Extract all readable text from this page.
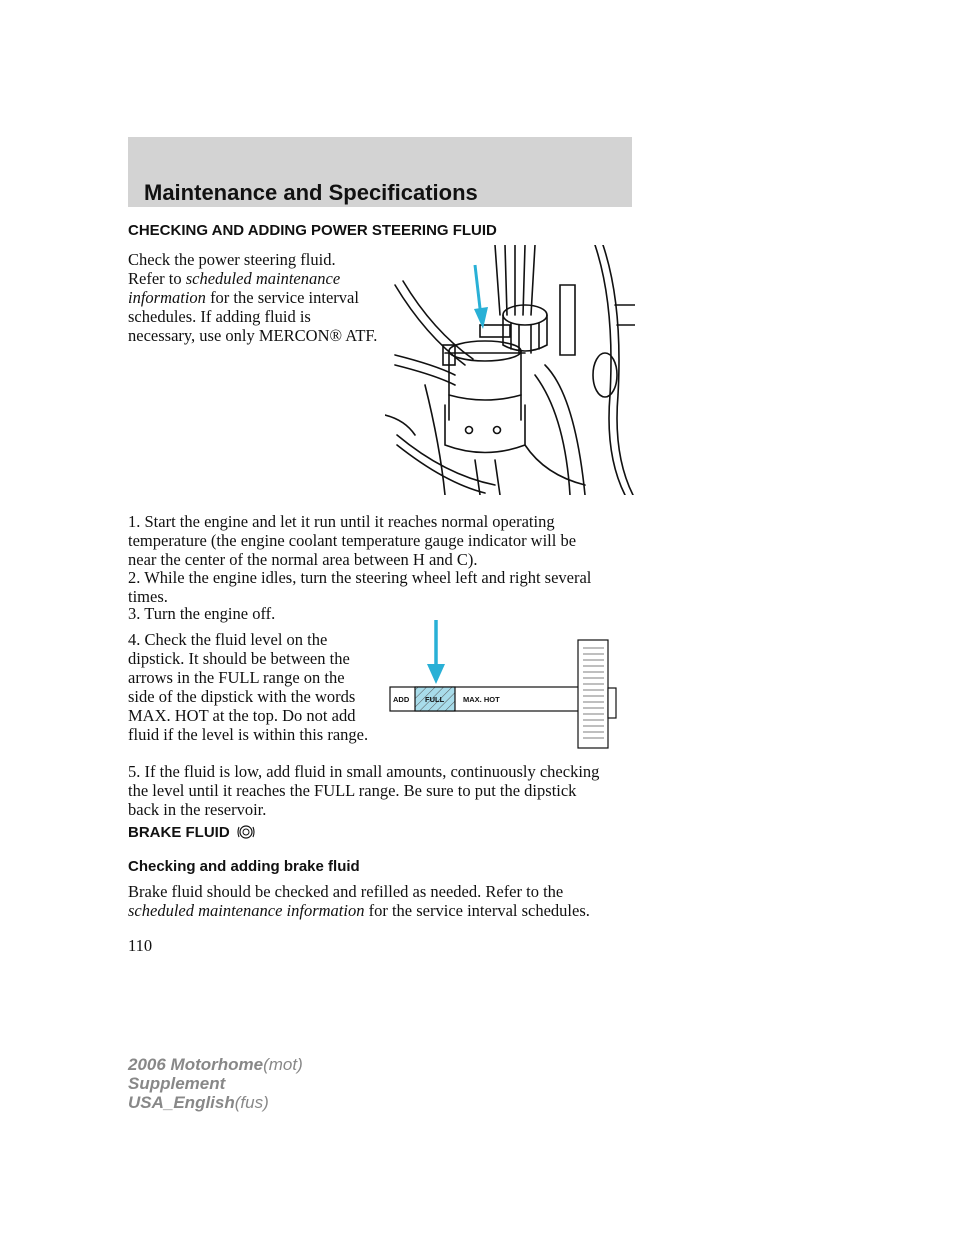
Maintenance and Specifications
CHECKING AND ADDING POWER STEERING FLUID
Check the power steering fluid.
Refer to scheduled maintenance
information for the service interval
schedules. If adding fluid is
necessary, use only MERCON® ATF.
1. Start the engine and let it run until it reaches normal operating
temperature (the engine coolant temperature gauge indicator will be
near the center of the normal area between H and C).
2. While the engine idles, turn the steering wheel left and right several
times.
3. Turn the engine off.
4. Check the fluid level on the
dipstick. It should be between the
arrows in the FULL range on the
side of the dipstick with the words
MAX. HOT at the top. Do not add
fluid if the level is within this range.
ADD FULL	MAX. HOT
5. If the fluid is low, add fluid in small amounts, continuously checking
the level until it reaches the FULL range. Be sure to put the dipstick
back in the reservoir.
BRAKE FLUID
Checking and adding brake fluid
Brake fluid should be checked and refilled as needed. Refer to the
scheduled maintenance information for the service interval schedules.
110
2006 Motorhome(mot)
Supplement
USA_English(fus)
